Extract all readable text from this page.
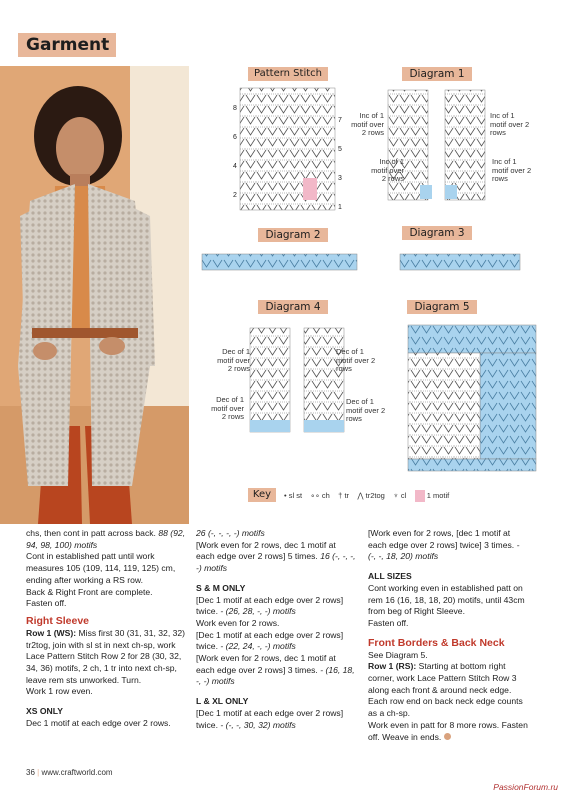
Garment
Pattern Stitch	Diagram 1
Diagram 2	Diagram 3
Diagram 4	Diagram 5
8
6
4
2
7
5
3
1
Inc of 1 motif over 2 rows
Inc of 1 motif over 2 rows
Inc of 1 motif over 2 rows
Inc of 1 motif over 2 rows
Dec of 1 motif over 2 rows
Dec of 1 motif over 2 rows
Dec of 1 motif over 2 rows
Dec of 1 motif over 2 rows
Key	• sl st ∘∘ ch † tr ⋀ tr2tog ♆ cl	1 motif

chs, then cont in patt across back. 88 (92, 94, 98, 100) motifs

Cont in established patt until work measures 105 (109, 114, 119, 125) cm, ending after working a RS row.

Back & Right Front are complete.

Fasten off.

Right Sleeve

Row 1 (WS): Miss first 30 (31, 31, 32, 32) tr2tog, join with sl st in next ch-sp, work Lace Pattern Stitch Row 2 for 28 (30, 32, 34, 36) motifs, 2 ch, 1 tr into next ch-sp, leave rem sts unworked. Turn.

Work 1 row even.

XS ONLY

Dec 1 motif at each edge over 2 rows.

26 (-, -, -, -) motifs

[Work even for 2 rows, dec 1 motif at each edge over 2 rows] 5 times. 16 (-, -, -, -) motifs

S & M ONLY

[Dec 1 motif at each edge over 2 rows] twice. - (26, 28, -, -) motifs

Work even for 2 rows.

[Dec 1 motif at each edge over 2 rows] twice. - (22, 24, -, -) motifs

[Work even for 2 rows, dec 1 motif at each edge over 2 rows] 3 times. - (16, 18, -, -) motifs

L & XL ONLY

[Dec 1 motif at each edge over 2 rows] twice. - (-, -, 30, 32) motifs

[Work even for 2 rows, [dec 1 motif at each edge over 2 rows] twice] 3 times. - (-, -, 18, 20) motifs

ALL SIZES

Cont working even in established patt on rem 16 (16, 18, 18, 20) motifs, until 43cm from beg of Right Sleeve.

Fasten off.

Front Borders & Back Neck

See Diagram 5.

Row 1 (RS): Starting at bottom right corner, work Lace Pattern Stitch Row 3 along each front & around neck edge. Each row end on back neck edge counts as a ch-sp.

Work even in patt for 8 more rows. Fasten off. Weave in ends.

36 | www.craftworld.com
PassionForum.ru
